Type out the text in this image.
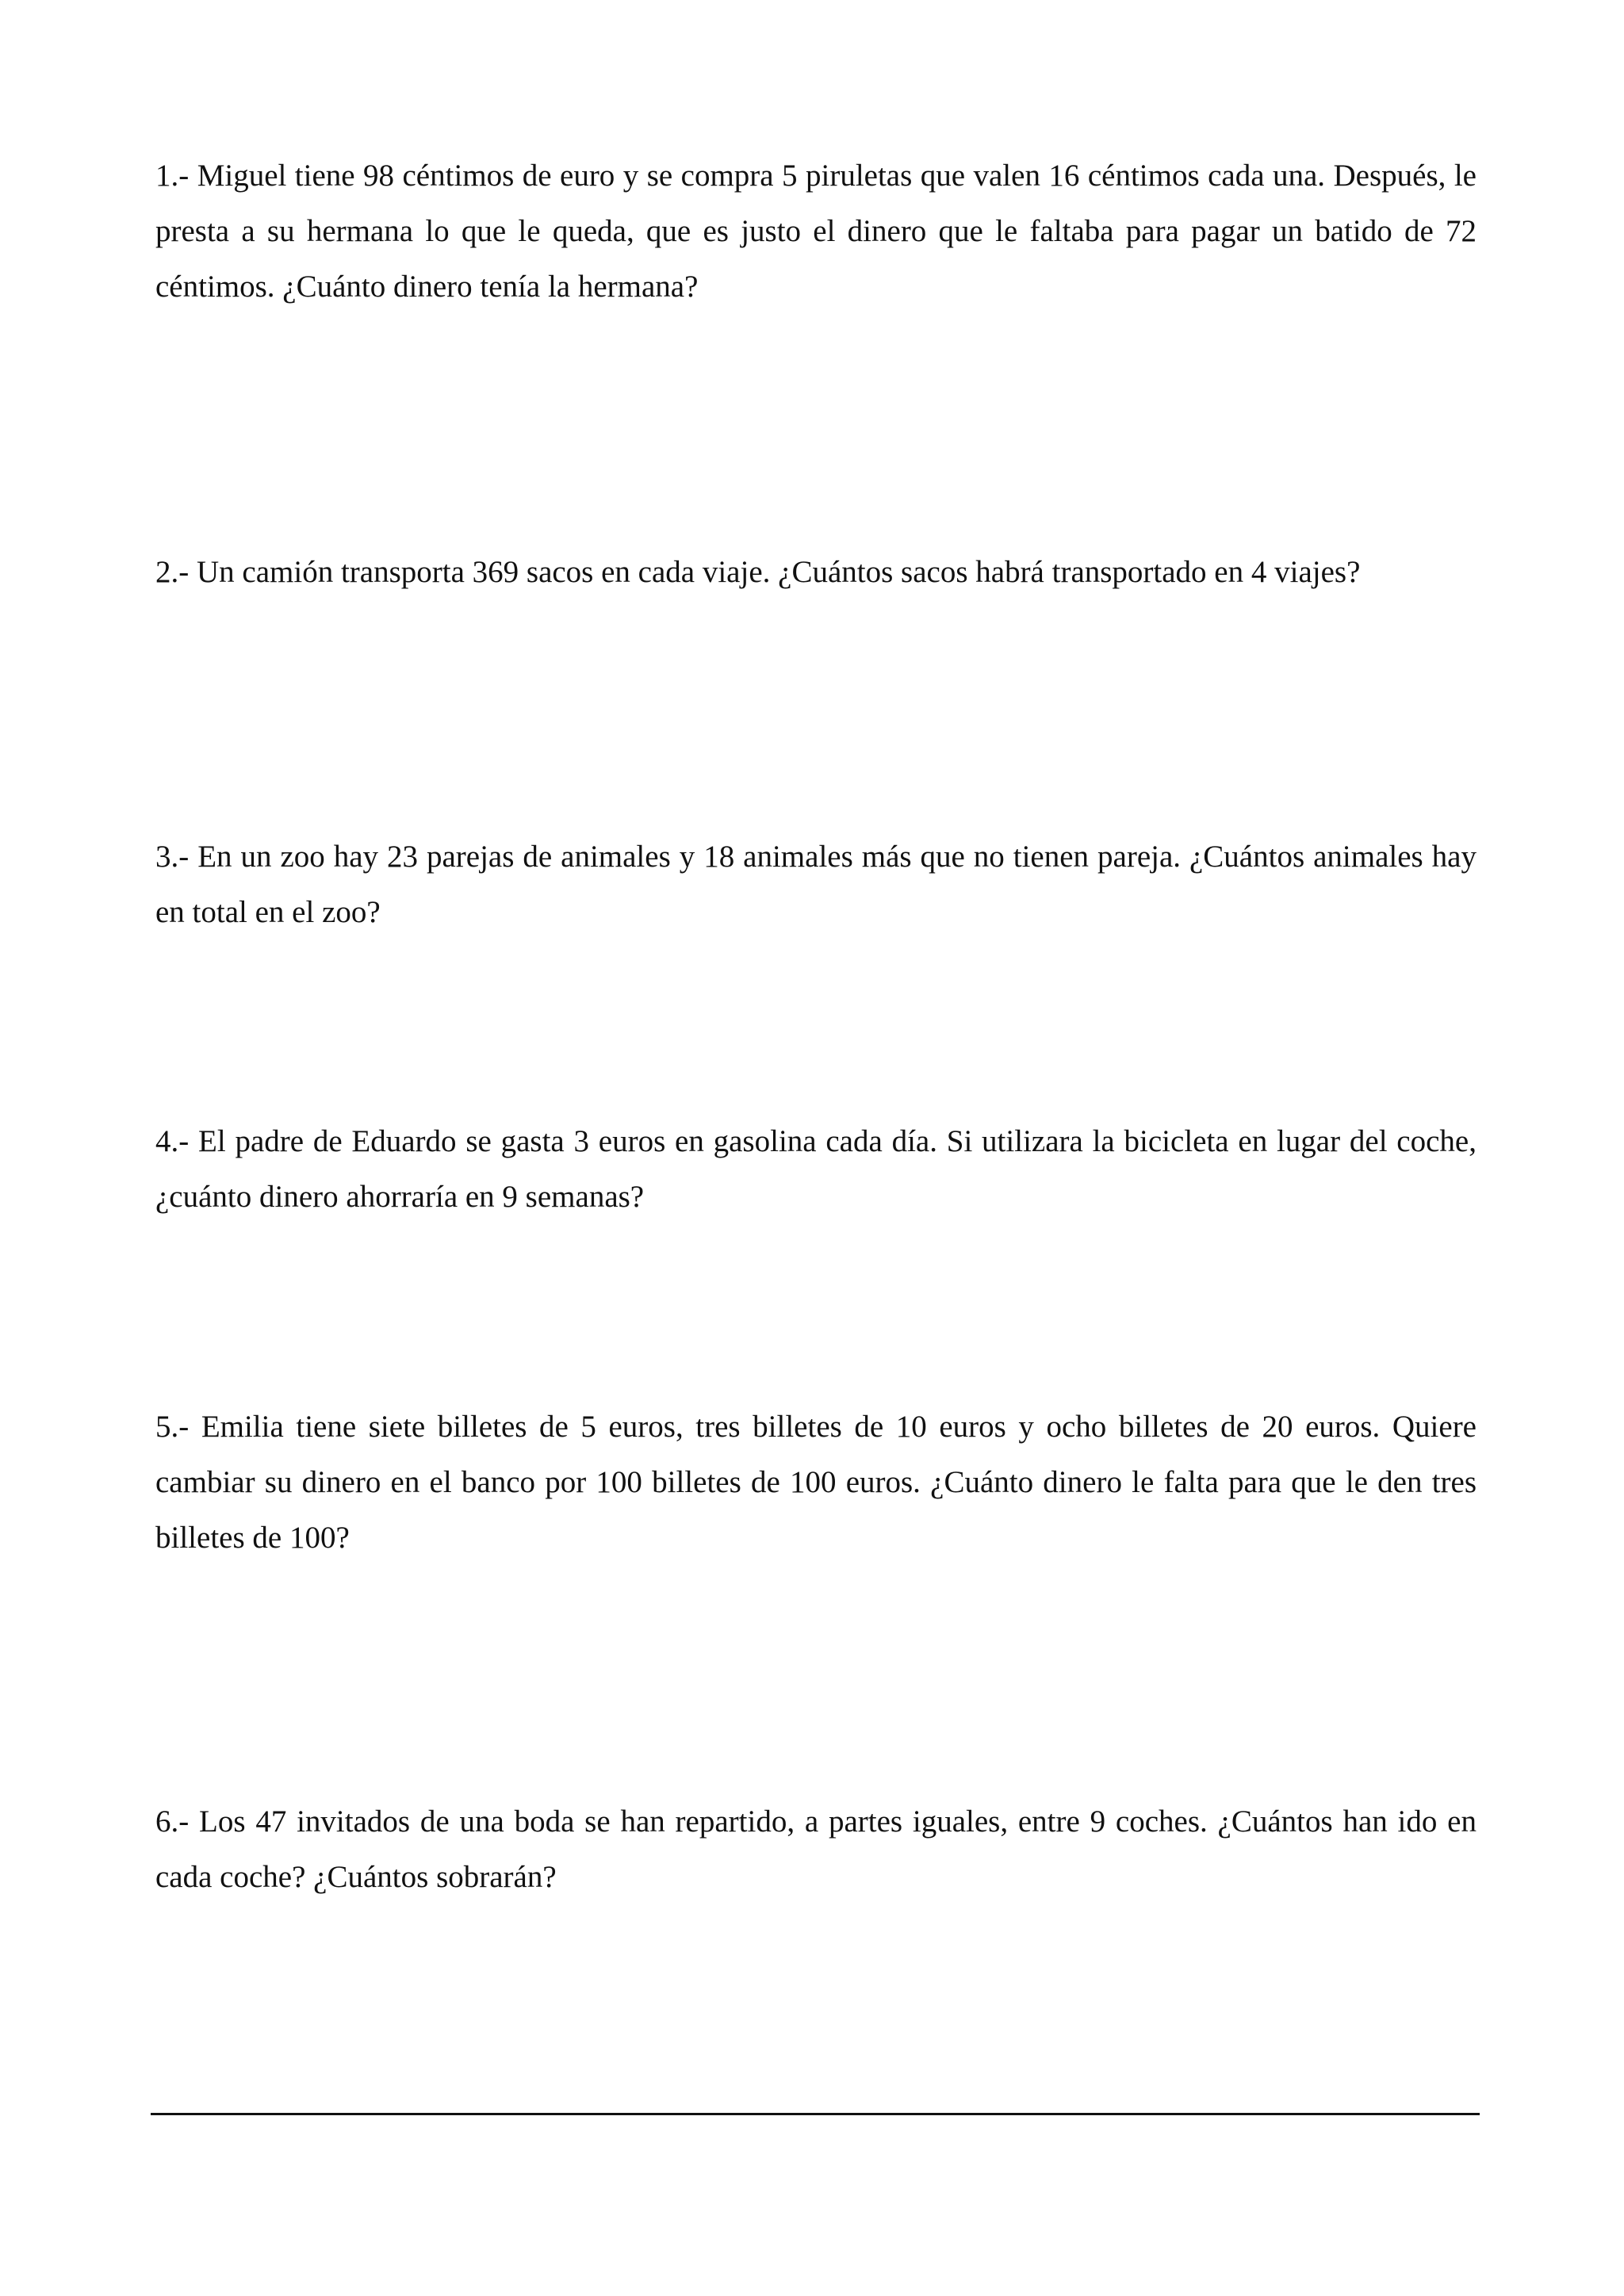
1.- Miguel tiene 98 céntimos de euro y se compra 5 piruletas que valen 16 céntimos cada una. Después, le presta a su hermana lo que le queda, que es justo el dinero que le faltaba para pagar un batido de 72 céntimos. ¿Cuánto dinero tenía la hermana?

2.- Un camión transporta 369 sacos en cada viaje. ¿Cuántos sacos habrá transportado en 4 viajes?

3.- En un zoo hay 23 parejas de animales y 18 animales más que no tienen pareja. ¿Cuántos animales hay en total en el zoo?

4.- El padre de Eduardo se gasta 3 euros en gasolina cada día. Si utilizara la bicicleta en lugar del coche, ¿cuánto dinero ahorraría en 9 semanas?

5.- Emilia tiene siete billetes de 5 euros, tres billetes de 10 euros y ocho billetes de 20 euros. Quiere cambiar su dinero en el banco por 100 billetes de 100 euros. ¿Cuánto dinero le falta para que le den tres billetes de 100?

6.- Los 47 invitados de una boda se han repartido, a partes iguales, entre 9 coches. ¿Cuántos han ido en cada coche? ¿Cuántos sobrarán?
